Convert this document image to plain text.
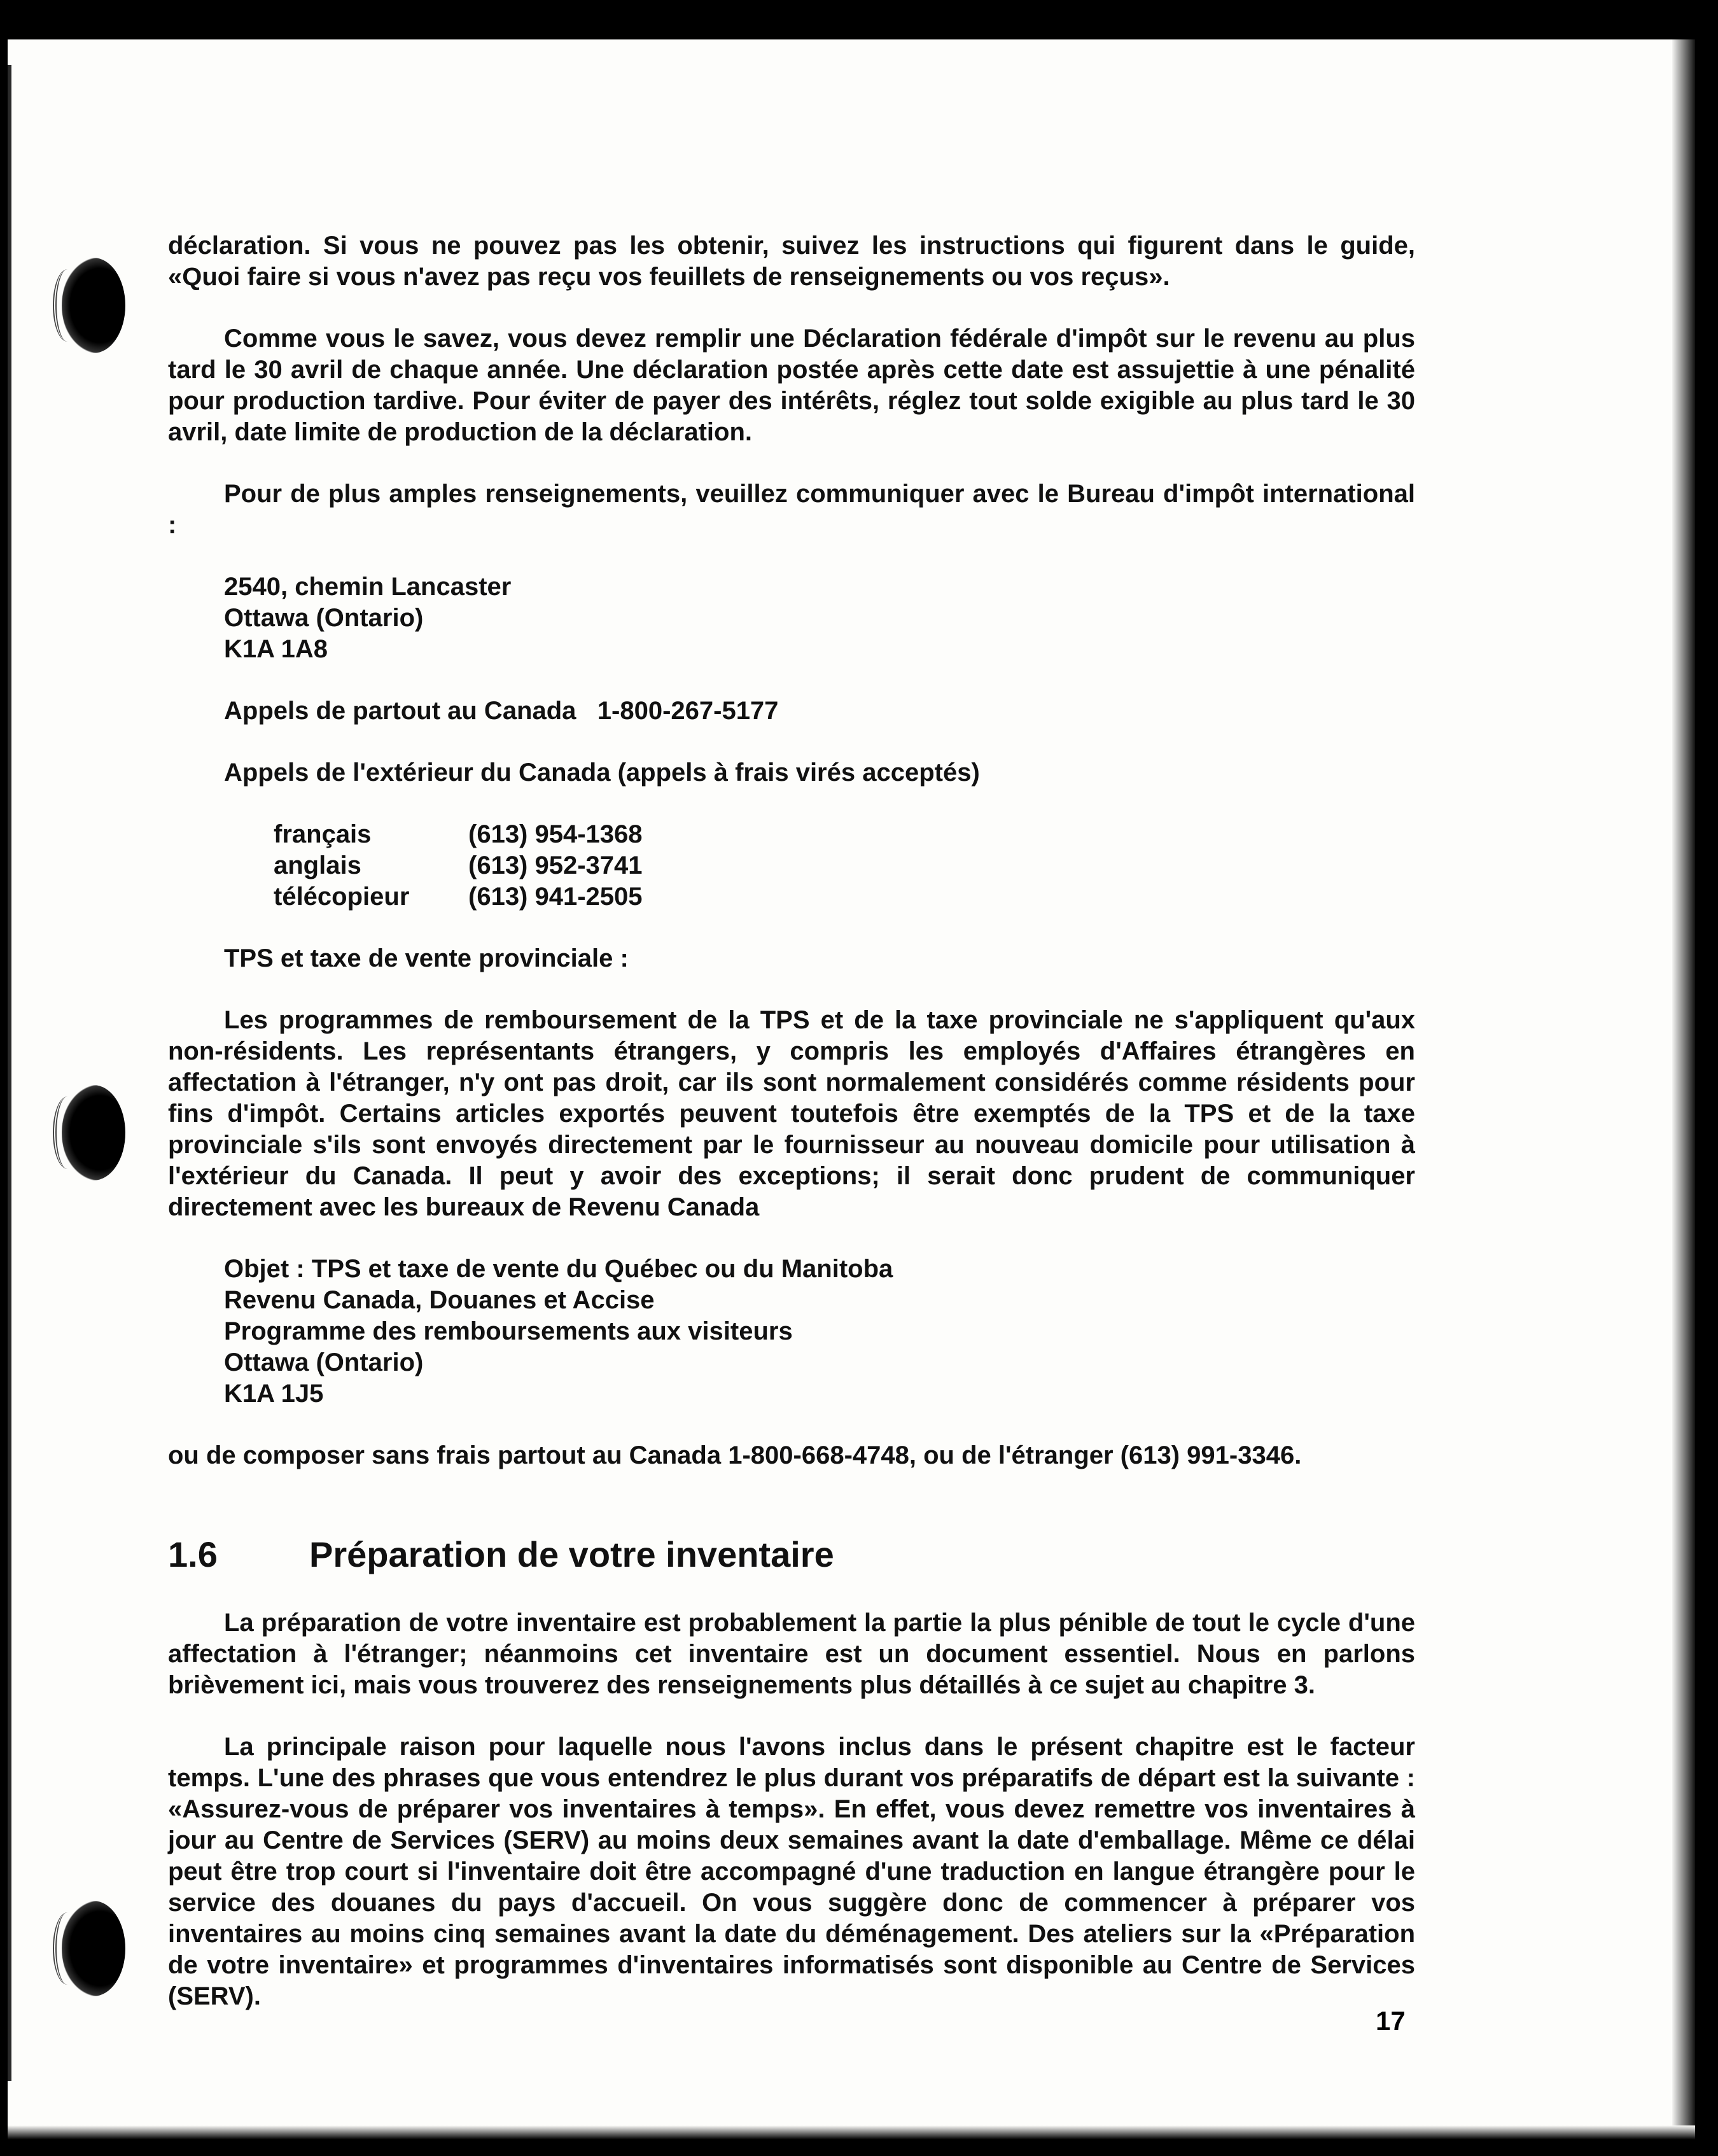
déclaration. Si vous ne pouvez pas les obtenir, suivez les instructions qui figurent dans le guide, «Quoi faire si vous n'avez pas reçu vos feuillets de renseignements ou vos reçus».

Comme vous le savez, vous devez remplir une Déclaration fédérale d'impôt sur le revenu au plus tard le 30 avril de chaque année. Une déclaration postée après cette date est assujettie à une pénalité pour production tardive. Pour éviter de payer des intérêts, réglez tout solde exigible au plus tard le 30 avril, date limite de production de la déclaration.

Pour de plus amples renseignements, veuillez communiquer avec le Bureau d'impôt international :

2540, chemin Lancaster
Ottawa (Ontario)
K1A 1A8
Appels de partout au Canada   1-800-267-5177
Appels de l'extérieur du Canada (appels à frais virés acceptés)
français	(613) 954-1368
anglais	(613) 952-3741
télécopieur	(613) 941-2505
TPS et taxe de vente provinciale :

Les programmes de remboursement de la TPS et de la taxe provinciale ne s'appliquent qu'aux non-résidents. Les représentants étrangers, y compris les employés d'Affaires étrangères en affectation à l'étranger, n'y ont pas droit, car ils sont normalement considérés comme résidents pour fins d'impôt. Certains articles exportés peuvent toutefois être exemptés de la TPS et de la taxe provinciale s'ils sont envoyés directement par le fournisseur au nouveau domicile pour utilisation à l'extérieur du Canada. Il peut y avoir des exceptions; il serait donc prudent de communiquer directement avec les bureaux de Revenu Canada

Objet : TPS et taxe de vente du Québec ou du Manitoba
Revenu Canada, Douanes et Accise
Programme des remboursements aux visiteurs
Ottawa (Ontario)
K1A 1J5

ou de composer sans frais partout au Canada 1-800-668-4748, ou de l'étranger (613) 991-3346.

1.6	Préparation de votre inventaire

La préparation de votre inventaire est probablement la partie la plus pénible de tout le cycle d'une affectation à l'étranger; néanmoins cet inventaire est un document essentiel. Nous en parlons brièvement ici, mais vous trouverez des renseignements plus détaillés à ce sujet au chapitre 3.

La principale raison pour laquelle nous l'avons inclus dans le présent chapitre est le facteur temps. L'une des phrases que vous entendrez le plus durant vos préparatifs de départ est la suivante : «Assurez-vous de préparer vos inventaires à temps». En effet, vous devez remettre vos inventaires à jour au Centre de Services (SERV) au moins deux semaines avant la date d'emballage. Même ce délai peut être trop court si l'inventaire doit être accompagné d'une traduction en langue étrangère pour le service des douanes du pays d'accueil. On vous suggère donc de commencer à préparer vos inventaires au moins cinq semaines avant la date du déménagement. Des ateliers sur la «Préparation de votre inventaire» et programmes d'inventaires informatisés sont disponible au Centre de Services (SERV).

17
